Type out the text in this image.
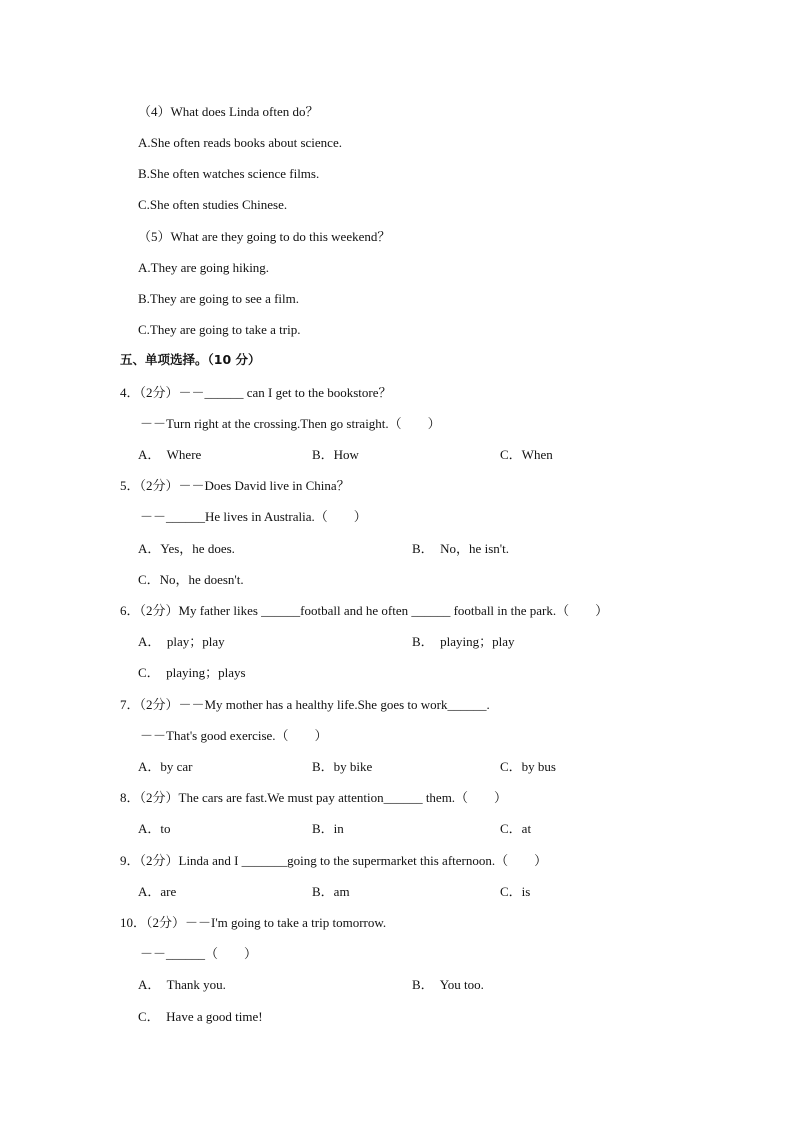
（4）What does Linda often do？
A.She often reads books about science.
B.She often watches science films.
C.She often studies Chinese.
（5）What are they going to do this weekend？
A.They are going hiking.
B.They are going to see a film.
C.They are going to take a trip.
五、单项选择。（10 分）
4．（2分）－－______ can I get to the bookstore？
－－Turn right at the crossing.Then go straight.（　　）
A．  Where	B．How	C．When
5．（2分）－－Does David live in China？
－－______He lives in Australia.（　　）
A．Yes，he does.	B．  No，he isn't.
C．No，he doesn't.
6．（2分）My father likes ______football and he often ______ football in the park.（　　）
A．  play；play	B．  playing；play
C．  playing；plays
7．（2分）－－My mother has a healthy life.She goes to work______.
－－That's good exercise.（　　）
A．by car	B．by bike	C．by bus
8．（2分）The cars are fast.We must pay attention______ them.（　　）
A．to	B．in	C．at
9．（2分）Linda and I _______going to the supermarket this afternoon.（　　）
A．are	B．am	C．is
10．（2分）－－I'm going to take a trip tomorrow.
－－______（　　）
A．  Thank you.	B．  You too.
C．  Have a good time!
